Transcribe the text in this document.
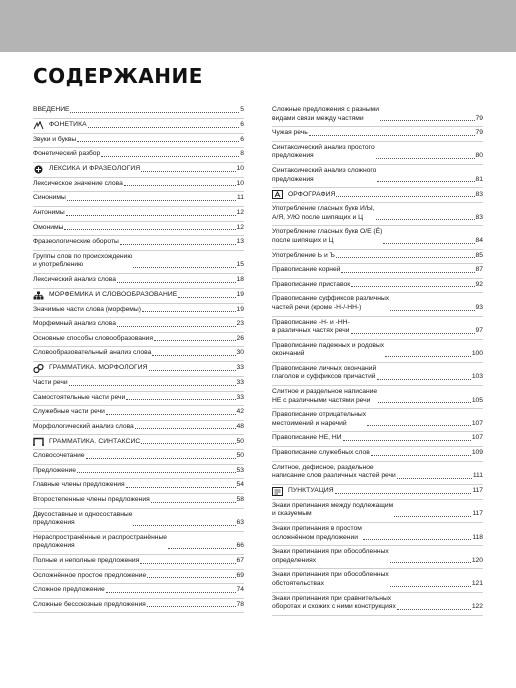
СОДЕРЖАНИЕ
ВВЕДЕНИЕ	5
ФОНЕТИКА	6
Звуки и буквы	6
Фонетический разбор	8
ЛЕКСИКА И ФРАЗЕОЛОГИЯ	10
Лексическое значение слова	10
Синонимы	11
Антонимы	12
Омонимы	12
Фразеологические обороты	13
Группы слов по происхождению
и употреблению	15
Лексический анализ слова	18
МОРФЕМИКА И СЛОВООБРАЗОВАНИЕ	19
Значимые части слова (морфемы)	19
Морфемный анализ слова	23
Основные способы словообразования	26
Словообразовательный анализ слова	30
ГРАММАТИКА. МОРФОЛОГИЯ	33
Части речи	33
Самостоятельные части речи	33
Служебные части речи	42
Морфологический анализ слова	48
ГРАММАТИКА. СИНТАКСИС	50
Словосочетание	50
Предложение	53
Главные члены предложения	54
Второстепенные члены предложения	58
Двусоставные и односоставные
предложения	63
Нераспространённые и распространённые
предложения	66
Полные и неполные предложения	67
Осложнённое простое предложение	69
Сложное предложение	74
Сложные бессоюзные предложения	78
Сложные предложения с разными
видами связи между частями	79
Чужая речь	79
Синтаксический анализ простого
предложения	80
Синтаксический анализ сложного
предложения	81
ОРФОГРАФИЯ	83
Употребление гласных букв И/Ы,
А/Я, У/Ю после шипящих и Ц	83
Употребление гласных букв О/Е (Ё)
после шипящих и Ц	84
Употребление Ь и Ъ	85
Правописание корней	87
Правописание приставок	92
Правописание суффиксов различных
частей речи (кроме -Н-/-НН-)	93
Правописание -Н- и -НН-
в различных частях речи	97
Правописание падежных и родовых
окончаний	100
Правописание личных окончаний
глаголов и суффиксов причастий	103
Слитное и раздельное написание
НЕ с различными частями речи	105
Правописание отрицательных
местоимений и наречий	107
Правописание НЕ, НИ	107
Правописание служебных слов	109
Слитное, дефисное, раздельное
написание слов различных частей речи	111
ПУНКТУАЦИЯ	117
Знаки препинания между подлежащим
и сказуемым	117
Знаки препинания в простом
осложнённом предложении	118
Знаки препинания при обособленных
определениях	120
Знаки препинания при обособленных
обстоятельствах	121
Знаки препинания при сравнительных
оборотах и схожих с ними конструкциях	122
